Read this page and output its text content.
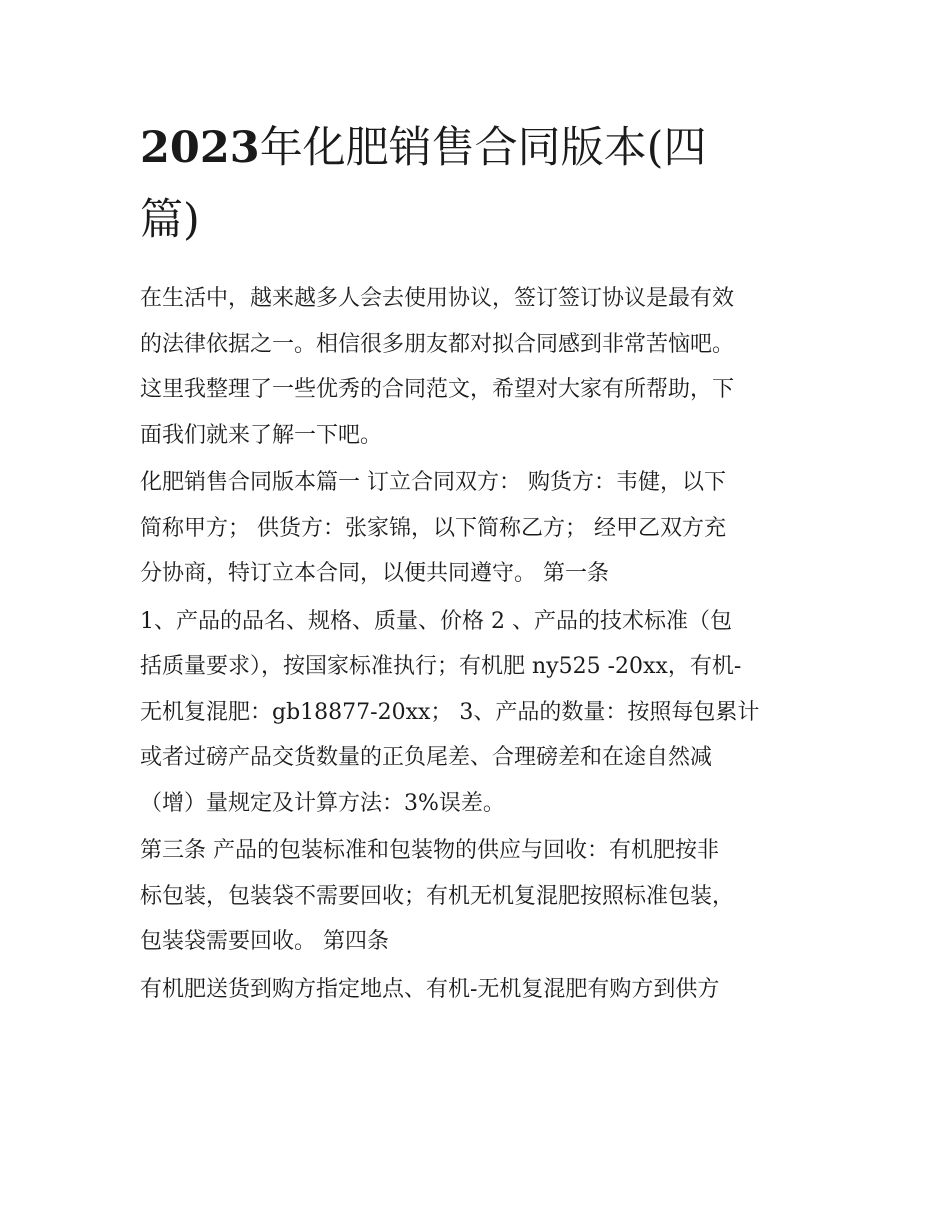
2023年化肥销售合同版本(四
篇)
在生活中，越来越多人会去使用协议，签订签订协议是最有效
的法律依据之一。相信很多朋友都对拟合同感到非常苦恼吧。
这里我整理了一些优秀的合同范文，希望对大家有所帮助，下
面我们就来了解一下吧。
化肥销售合同版本篇一 订立合同双方： 购货方：韦健，以下
简称甲方； 供货方：张家锦，以下简称乙方； 经甲乙双方充
分协商，特订立本合同，以便共同遵守。 第一条
1、产品的品名、规格、质量、价格 2 、产品的技术标准（包
括质量要求），按国家标准执行；有机肥 ny525 -20xx，有机-
无机复混肥：gb18877-20xx； 3、产品的数量：按照每包累计
或者过磅产品交货数量的正负尾差、合理磅差和在途自然减
（增）量规定及计算方法：3%误差。
第三条 产品的包装标准和包装物的供应与回收：有机肥按非
标包装，包装袋不需要回收；有机无机复混肥按照标准包装，
包装袋需要回收。 第四条
有机肥送货到购方指定地点、有机-无机复混肥有购方到供方
